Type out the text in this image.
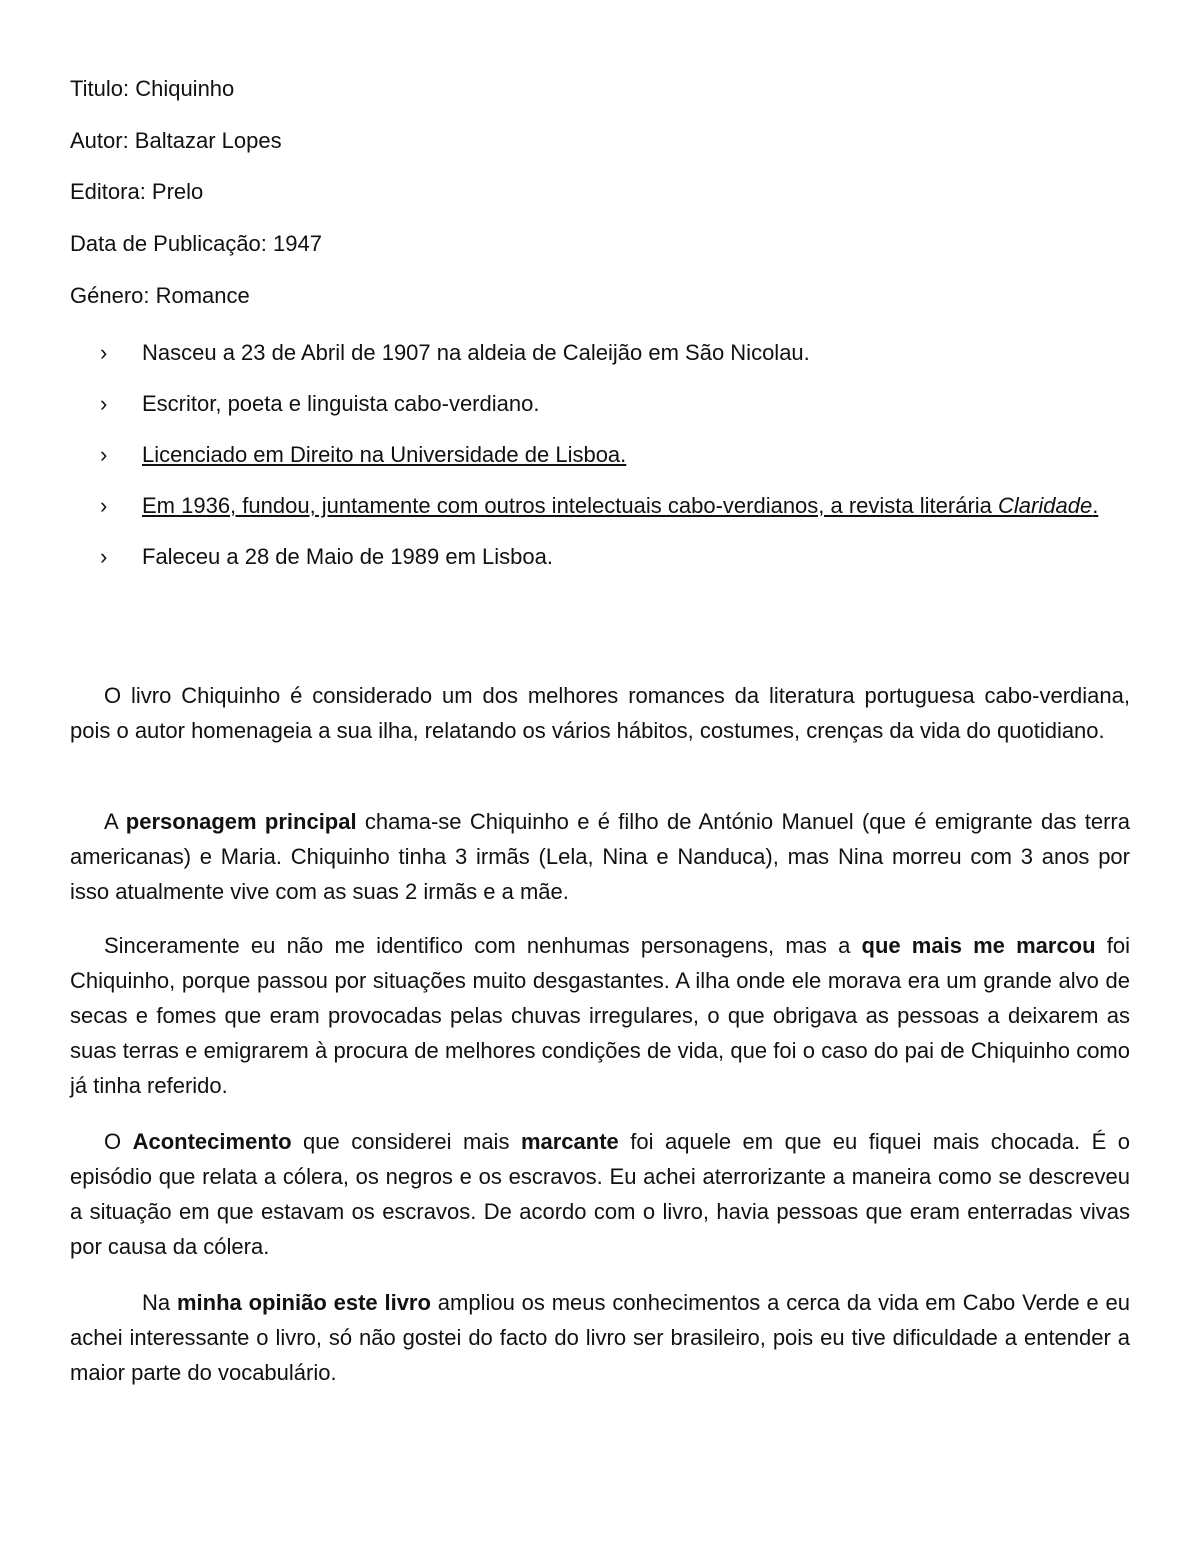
Titulo: Chiquinho

Autor: Baltazar Lopes

Editora: Prelo

Data de Publicação: 1947

Género: Romance

›	Nasceu a 23 de Abril de 1907 na aldeia de Caleijão em São Nicolau.
›	Escritor, poeta e linguista cabo-verdiano.
›	Licenciado em Direito na Universidade de Lisboa.
›	Em 1936, fundou, juntamente com outros intelectuais cabo-verdianos, a revista literária Claridade.
›	Faleceu a 28 de Maio de 1989 em Lisboa.

O livro Chiquinho é considerado um dos melhores romances da literatura portuguesa cabo-verdiana, pois o autor homenageia a sua ilha, relatando os vários hábitos, costumes, crenças da vida do quotidiano.

A personagem principal chama-se Chiquinho e é filho de António Manuel (que é emigrante das terra americanas) e Maria. Chiquinho tinha 3 irmãs (Lela, Nina e Nanduca), mas Nina morreu com 3 anos por isso atualmente vive com as suas 2 irmãs e a mãe.

Sinceramente eu não me identifico com nenhumas personagens, mas a que mais me marcou foi Chiquinho, porque passou por situações muito desgastantes. A ilha onde ele morava era um grande alvo de secas e fomes que eram provocadas pelas chuvas irregulares, o que obrigava as pessoas a deixarem as suas terras e emigrarem à procura de melhores condições de vida, que foi o caso do pai de Chiquinho como já tinha referido.

O Acontecimento que considerei mais marcante foi aquele em que eu fiquei mais chocada. É o episódio que relata a cólera, os negros e os escravos. Eu achei aterrorizante a maneira como se descreveu a situação em que estavam os escravos. De acordo com o livro, havia pessoas que eram enterradas vivas por causa da cólera.

Na minha opinião este livro ampliou os meus conhecimentos a cerca da vida em Cabo Verde e eu achei interessante o livro, só não gostei do facto do livro ser brasileiro, pois eu tive dificuldade a entender a maior parte do vocabulário.
